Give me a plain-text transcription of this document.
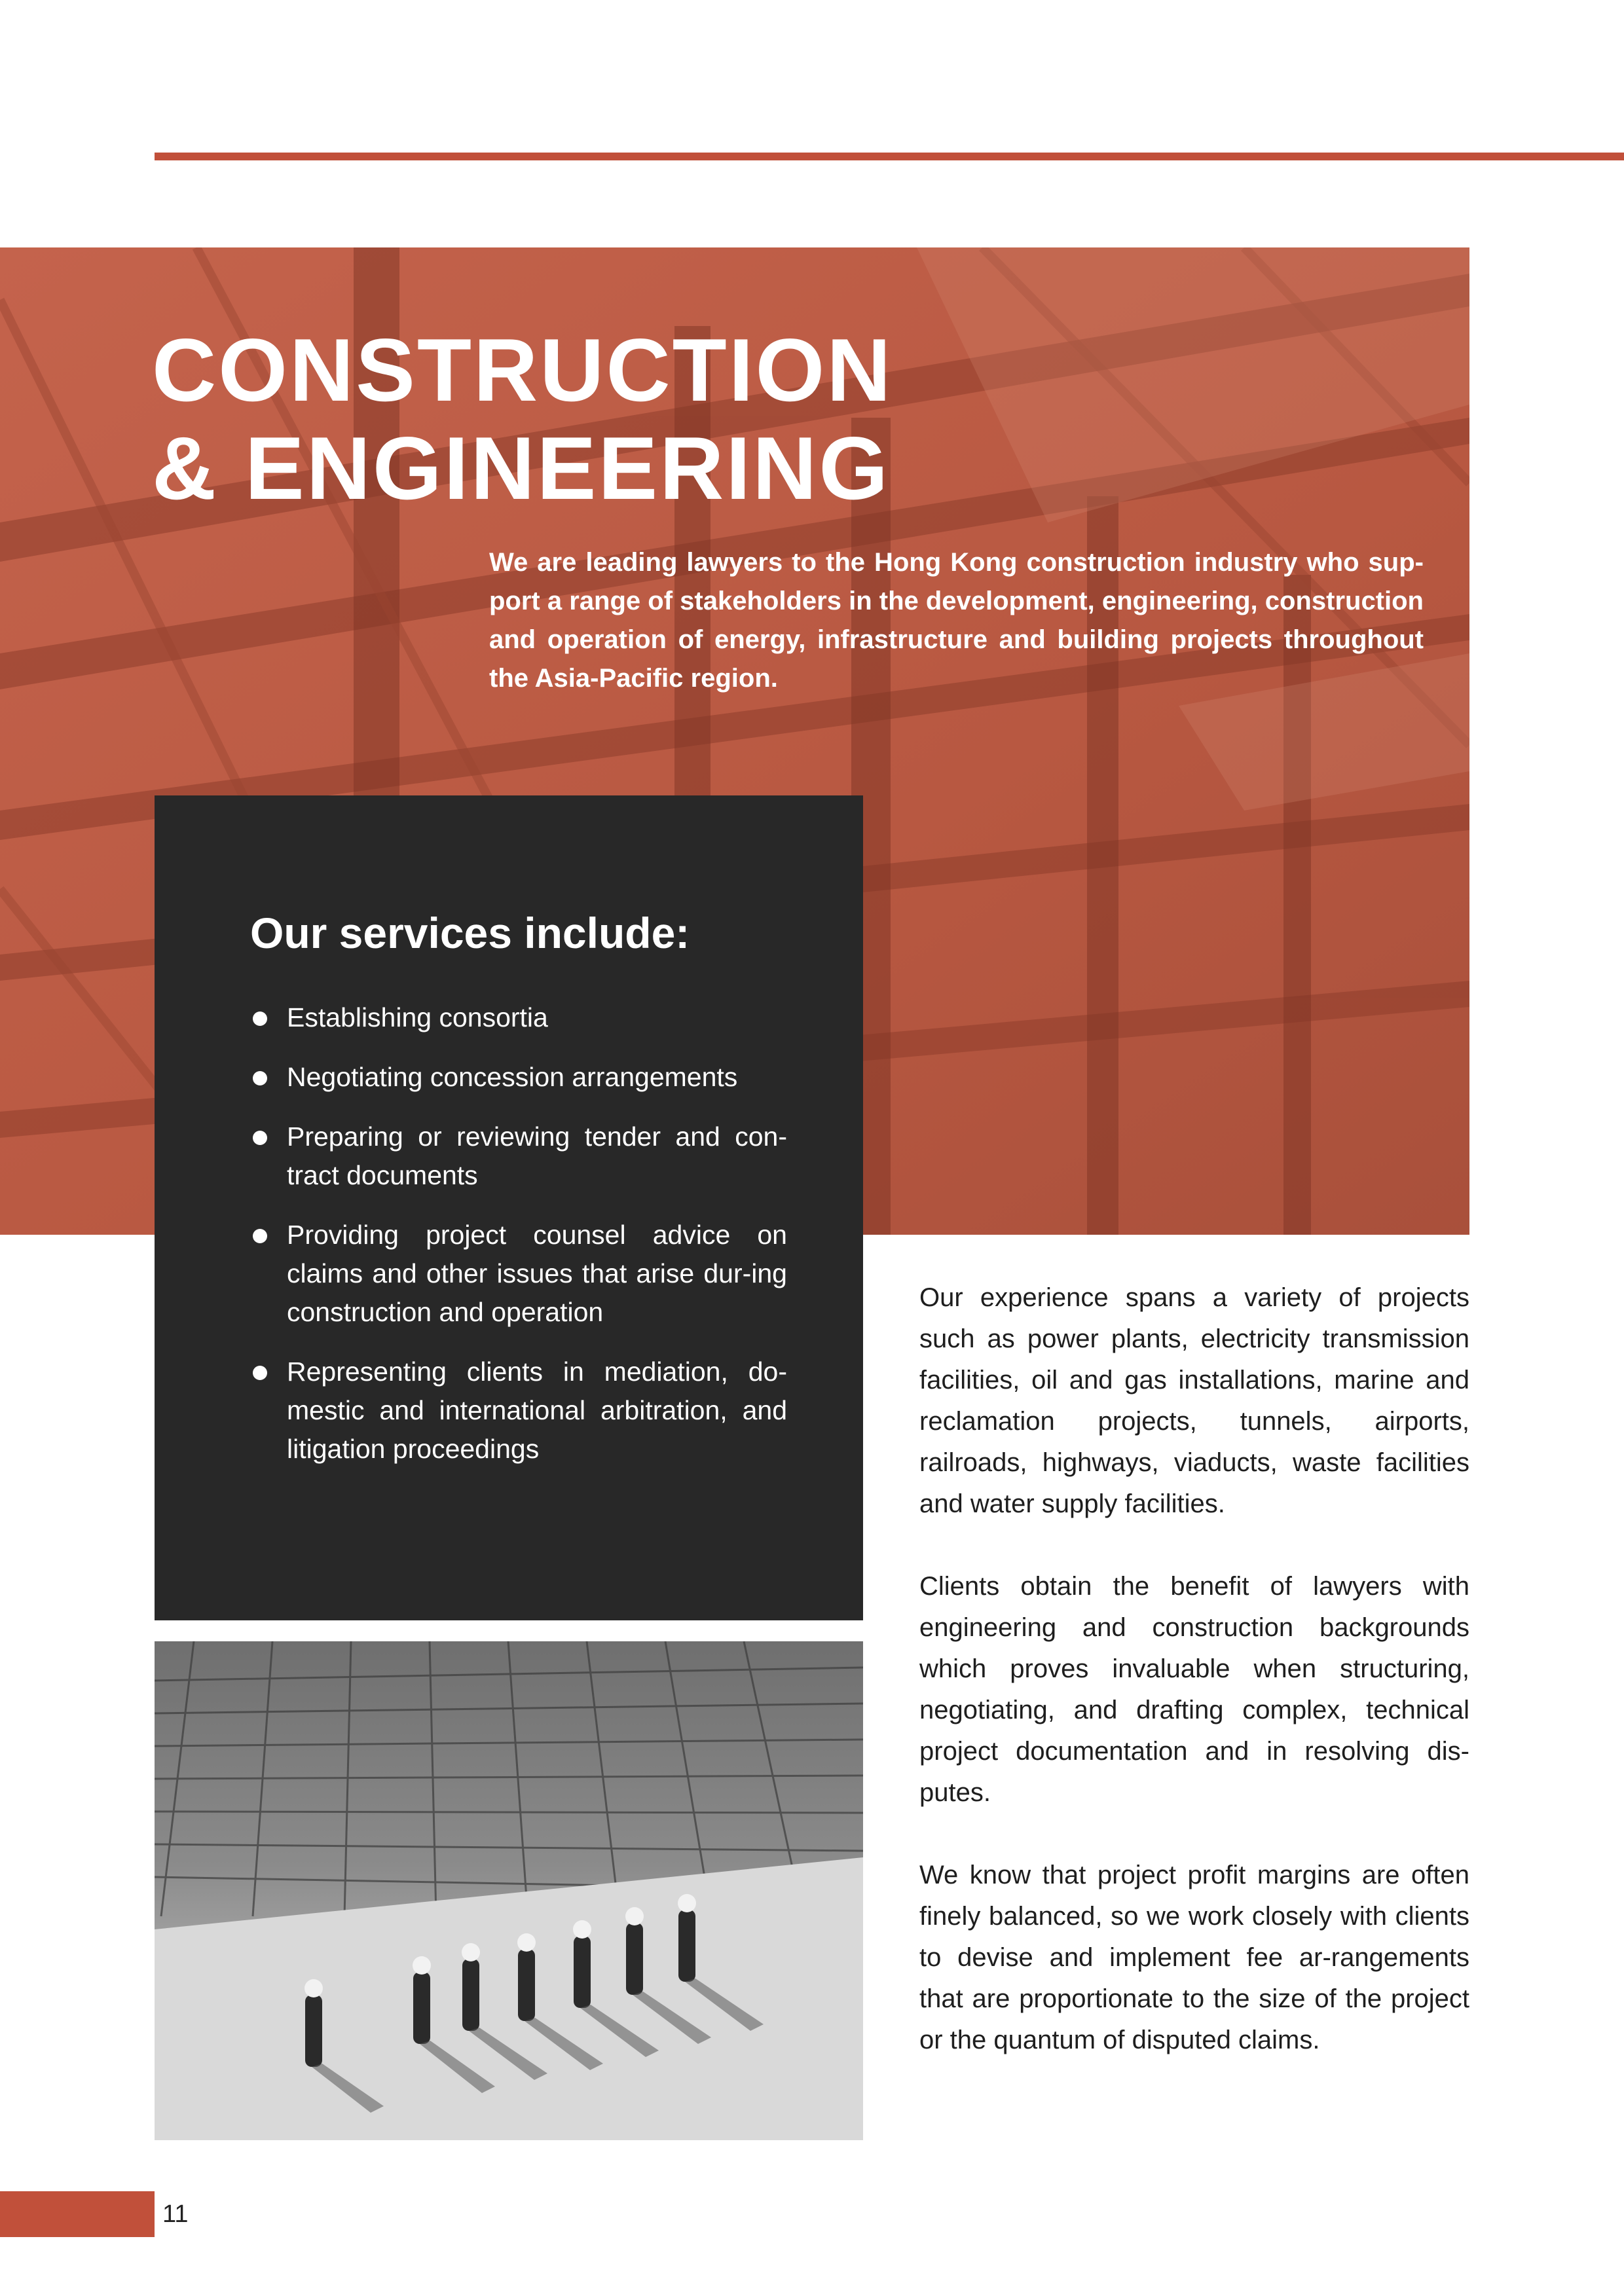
CONSTRUCTION
& ENGINEERING

We are leading lawyers to the Hong Kong construction industry who sup-port a range of stakeholders in the development, engineering, construction and operation of energy, infrastructure and building projects throughout the Asia-Pacific region.

Our services include:
Establishing consortia
Negotiating concession arrangements
Preparing or reviewing tender and con-tract documents
Providing project counsel advice on claims and other issues that arise dur-ing construction and operation
Representing clients in mediation, do-mestic and international arbitration, and litigation proceedings

Our experience spans a variety of projects such as power plants, electricity transmission facilities, oil and gas installations, marine and reclamation projects, tunnels, airports, railroads, highways, viaducts, waste facilities and water supply facilities.

Clients obtain the benefit of lawyers with engineering and construction backgrounds which proves invaluable when structuring, negotiating, and drafting complex, technical project documentation and in resolving dis-putes.

We know that project profit margins are often finely balanced, so we work closely with clients to devise and implement fee ar-rangements that are proportionate to the size of the project or the quantum of disputed claims.

11
